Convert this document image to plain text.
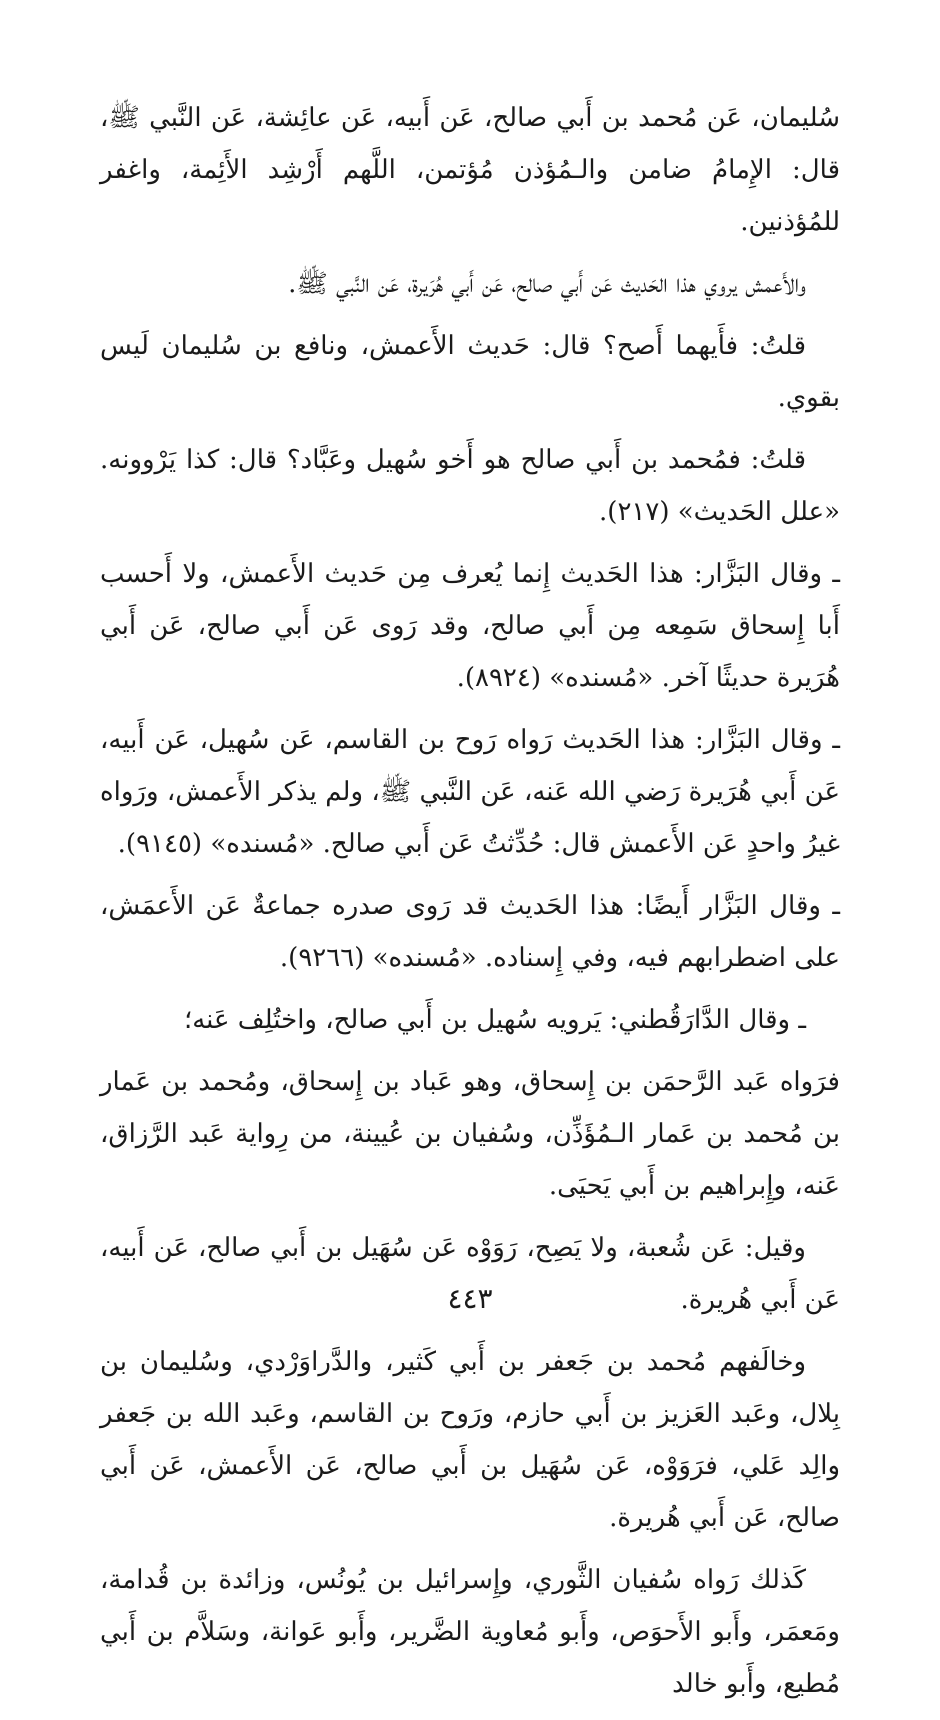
سُليمان، عَن مُحمد بن أَبي صالح، عَن أَبيه، عَن عائِشة، عَن النَّبي ﷺ، قال: الإِمامُ ضامن والـمُؤذن مُؤتمن، اللَّهم أَرْشِد الأَئِمة، واغفر للمُؤذنين.

والأَعمش يروي هذا الحَديث عَن أَبي صالح، عَن أَبي هُرَيرة، عَن النَّبي ﷺ.

قلتُ: فأَيهما أَصح؟ قال: حَديث الأَعمش، ونافع بن سُليمان لَيس بقوي.

قلتُ: فمُحمد بن أَبي صالح هو أَخو سُهيل وعَبَّاد؟ قال: كذا يَرْوونه. «علل الحَديث» (٢١٧).

ـ وقال البَزَّار: هذا الحَديث إِنما يُعرف مِن حَديث الأَعمش، ولا أَحسب أَبا إِسحاق سَمِعه مِن أَبي صالح، وقد رَوى عَن أَبي صالح، عَن أَبي هُرَيرة حديثًا آخر. «مُسنده» (٨٩٢٤).

ـ وقال البَزَّار: هذا الحَديث رَواه رَوح بن القاسم، عَن سُهيل، عَن أَبيه، عَن أَبي هُرَيرة رَضي الله عَنه، عَن النَّبي ﷺ، ولم يذكر الأَعمش، ورَواه غيرُ واحدٍ عَن الأَعمش قال: حُدِّثتُ عَن أَبي صالح. «مُسنده» (٩١٤٥).

ـ وقال البَزَّار أَيضًا: هذا الحَديث قد رَوى صدره جماعةٌ عَن الأَعمَش، على اضطرابهم فيه، وفي إِسناده. «مُسنده» (٩٢٦٦).

ـ وقال الدَّارَقُطني: يَرويه سُهيل بن أَبي صالح، واختُلِف عَنه؛

فرَواه عَبد الرَّحمَن بن إِسحاق، وهو عَباد بن إِسحاق، ومُحمد بن عَمار بن مُحمد بن عَمار الـمُؤَذِّن، وسُفيان بن عُيينة، من رِواية عَبد الرَّزاق، عَنه، وإِبراهيم بن أَبي يَحيَى.

وقيل: عَن شُعبة، ولا يَصِح، رَوَوْه عَن سُهَيل بن أَبي صالح، عَن أَبيه، عَن أَبي هُريرة.

وخالَفهم مُحمد بن جَعفر بن أَبي كَثير، والدَّراوَرْدي، وسُليمان بن بِلال، وعَبد العَزيز بن أَبي حازم، ورَوح بن القاسم، وعَبد الله بن جَعفر والِد عَلي، فرَوَوْه، عَن سُهَيل بن أَبي صالح، عَن الأَعمش، عَن أَبي صالح، عَن أَبي هُريرة.

كَذلك رَواه سُفيان الثَّوري، وإِسرائيل بن يُونُس، وزائدة بن قُدامة، ومَعمَر، وأَبو الأَحوَص، وأَبو مُعاوية الضَّرير، وأَبو عَوانة، وسَلاَّم بن أَبي مُطيع، وأَبو خالد

٤٤٣
